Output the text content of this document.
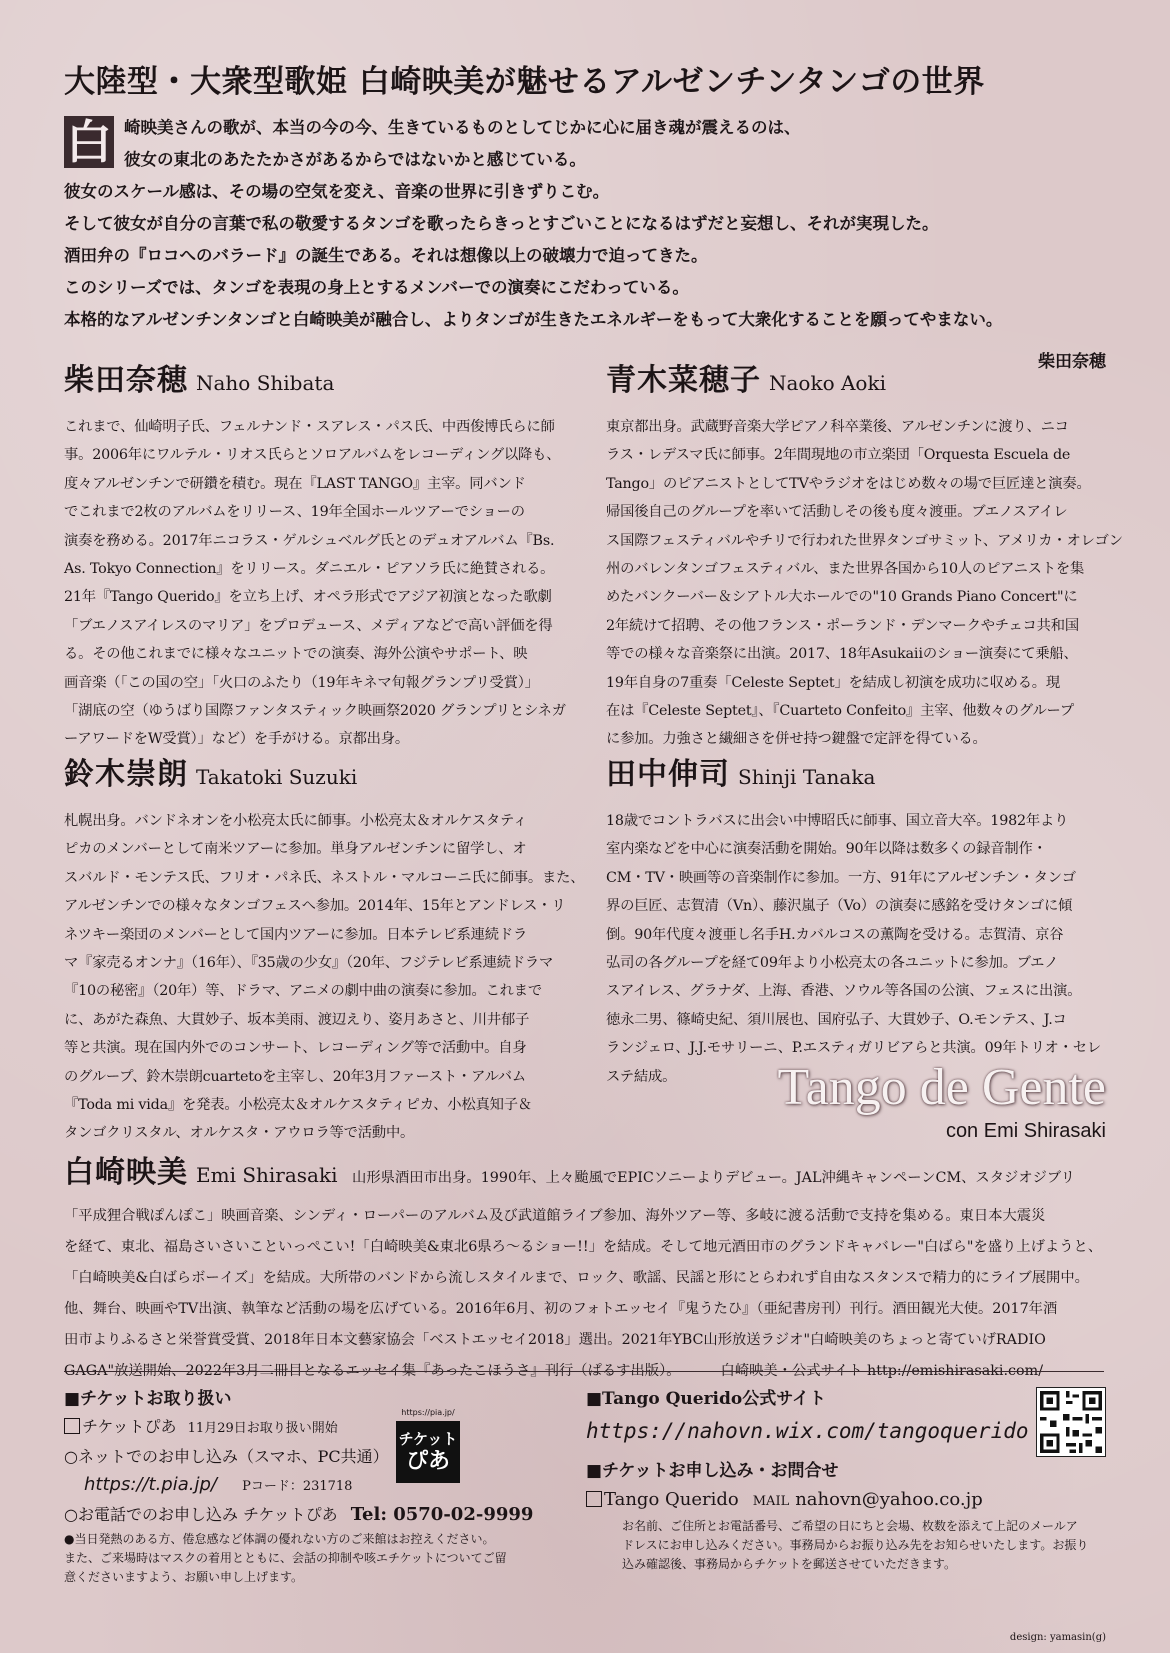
大陸型・大衆型歌姫 白崎映美が魅せるアルゼンチンタンゴの世界
白 崎映美さんの歌が、本当の今の今、生きているものとしてじかに心に届き魂が震えるのは、

彼女の東北のあたたかさがあるからではないかと感じている。

彼女のスケール感は、その場の空気を変え、音楽の世界に引きずりこむ。

そして彼女が自分の言葉で私の敬愛するタンゴを歌ったらきっとすごいことになるはずだと妄想し、それが実現した。

酒田弁の『ロコへのバラード』の誕生である。それは想像以上の破壊力で迫ってきた。

このシリーズでは、タンゴを表現の身上とするメンバーでの演奏にこだわっている。

本格的なアルゼンチンタンゴと白崎映美が融合し、よりタンゴが生きたエネルギーをもって大衆化することを願ってやまない。

柴田奈穂
柴田奈穂 Naho Shibata

これまで、仙崎明子氏、フェルナンド・スアレス・パス氏、中西俊博氏らに師
事。2006年にワルテル・リオス氏らとソロアルバムをレコーディング以降も、
度々アルゼンチンで研鑽を積む。現在『LAST TANGO』主宰。同バンド
でこれまで2枚のアルバムをリリース、19年全国ホールツアーでショーの
演奏を務める。2017年ニコラス・ゲルシュベルグ氏とのデュオアルバム『Bs.
As. Tokyo Connection』をリリース。ダニエル・ピアソラ氏に絶賛される。
21年『Tango Querido』を立ち上げ、オペラ形式でアジア初演となった歌劇
「ブエノスアイレスのマリア」をプロデュース、メディアなどで高い評価を得
る。その他これまでに様々なユニットでの演奏、海外公演やサポート、映
画音楽（「この国の空」「火口のふたり（19年キネマ旬報グランプリ受賞）」
「湖底の空（ゆうばり国際ファンタスティック映画祭2020 グランプリとシネガ
ーアワードをW受賞）」など）を手がける。京都出身。

青木菜穂子 Naoko Aoki

東京都出身。武蔵野音楽大学ピアノ科卒業後、アルゼンチンに渡り、ニコ
ラス・レデスマ氏に師事。2年間現地の市立楽団「Orquesta Escuela de
Tango」のピアニストとしてTVやラジオをはじめ数々の場で巨匠達と演奏。
帰国後自己のグループを率いて活動しその後も度々渡亜。ブエノスアイレ
ス国際フェスティバルやチリで行われた世界タンゴサミット、アメリカ・オレゴン
州のバレンタンゴフェスティバル、また世界各国から10人のピアニストを集
めたバンクーバー＆シアトル大ホールでの"10 Grands Piano Concert"に
2年続けて招聘、その他フランス・ポーランド・デンマークやチェコ共和国
等での様々な音楽祭に出演。2017、18年Asukaⅱのショー演奏にて乗船、
19年自身の7重奏「Celeste Septet」を結成し初演を成功に収める。現
在は『Celeste Septet』、『Cuarteto Confeito』主宰、他数々のグループ
に参加。力強さと繊細さを併せ持つ鍵盤で定評を得ている。

鈴木崇朗 Takatoki Suzuki

札幌出身。バンドネオンを小松亮太氏に師事。小松亮太＆オルケスタティ
ピカのメンバーとして南米ツアーに参加。単身アルゼンチンに留学し、オ
スバルド・モンテス氏、フリオ・パネ氏、ネストル・マルコーニ氏に師事。また、
アルゼンチンでの様々なタンゴフェスへ参加。2014年、15年とアンドレス・リ
ネツキー楽団のメンバーとして国内ツアーに参加。日本テレビ系連続ドラ
マ『家売るオンナ』（16年）、『35歳の少女』（20年、フジテレビ系連続ドラマ
『10の秘密』（20年）等、ドラマ、アニメの劇中曲の演奏に参加。これまで
に、あがた森魚、大貫妙子、坂本美雨、渡辺えり、姿月あさと、川井郁子
等と共演。現在国内外でのコンサート、レコーディング等で活動中。自身
のグループ、鈴木崇朗cuartetoを主宰し、20年3月ファースト・アルバム
『Toda mi vida』を発表。小松亮太＆オルケスタティピカ、小松真知子＆
タンゴクリスタル、オルケスタ・アウロラ等で活動中。

田中伸司 Shinji Tanaka

18歳でコントラバスに出会い中博昭氏に師事、国立音大卒。1982年より
室内楽などを中心に演奏活動を開始。90年以降は数多くの録音制作・
CM・TV・映画等の音楽制作に参加。一方、91年にアルゼンチン・タンゴ
界の巨匠、志賀清（Vn）、藤沢嵐子（Vo）の演奏に感銘を受けタンゴに傾
倒。90年代度々渡亜し名手H.カバルコスの薫陶を受ける。志賀清、京谷
弘司の各グループを経て09年より小松亮太の各ユニットに参加。ブエノ
スアイレス、グラナダ、上海、香港、ソウル等各国の公演、フェスに出演。
徳永二男、篠崎史紀、須川展也、国府弘子、大貫妙子、O.モンテス、J.コ
ランジェロ、J.J.モサリーニ、P.エスティガリビアらと共演。09年トリオ・セレ
ステ結成。	Tango de Gente
con Emi Shirasaki
白崎映美 Emi Shirasaki 山形県酒田市出身。1990年、上々颱風でEPICソニーよりデビュー。JAL沖縄キャンペーンCM、スタジオジブリ
「平成狸合戦ぽんぽこ」映画音楽、シンディ・ローパーのアルバム及び武道館ライブ参加、海外ツアー等、多岐に渡る活動で支持を集める。東日本大震災
を経て、東北、福島さいさいこといっぺこい!「白崎映美&東北6県ろ～るショー!!」を結成。そして地元酒田市のグランドキャバレー"白ばら"を盛り上げようと、
「白崎映美&白ばらボーイズ」を結成。大所帯のバンドから流しスタイルまで、ロック、歌謡、民謡と形にとらわれず自由なスタンスで精力的にライブ展開中。
他、舞台、映画やTV出演、執筆など活動の場を広げている。2016年6月、初のフォトエッセイ『鬼うたひ』（亜紀書房刊）刊行。酒田観光大使。2017年酒
田市よりふるさと栄誉賞受賞、2018年日本文藝家協会「ベストエッセイ2018」選出。2021年YBC山形放送ラジオ"白崎映美のちょっと寄ていげRADIO
GAGA"放送開始、2022年3月二冊目となるエッセイ集『あったこほうさ』刊行（ぱるす出版）。	白崎映美・公式サイト http://emishirasaki.com/
■チケットお取り扱い
チケットぴあ 11月29日お取り扱い開始
○ネットでのお申し込み（スマホ、PC共通）
https://t.pia.jp/ Pコード：231718
○お電話でのお申し込み チケットぴあ Tel: 0570-02-9999
https://pia.jp/
チケット
ぴあ
●当日発熱のある方、倦怠感など体調の優れない方のご来館はお控えください。
また、ご来場時はマスクの着用とともに、会話の抑制や咳エチケットについてご留
意くださいますよう、お願い申し上げます。
■Tango Querido公式サイト
https://nahovn.wix.com/tangoquerido
■チケットお申し込み・お問合せ
Tango Querido MAIL nahovn@yahoo.co.jp
お名前、ご住所とお電話番号、ご希望の日にちと会場、枚数を添えて上記のメールア
ドレスにお申し込みください。事務局からお振り込み先をお知らせいたします。お振り
込み確認後、事務局からチケットを郵送させていただきます。
design: yamasin(g)
